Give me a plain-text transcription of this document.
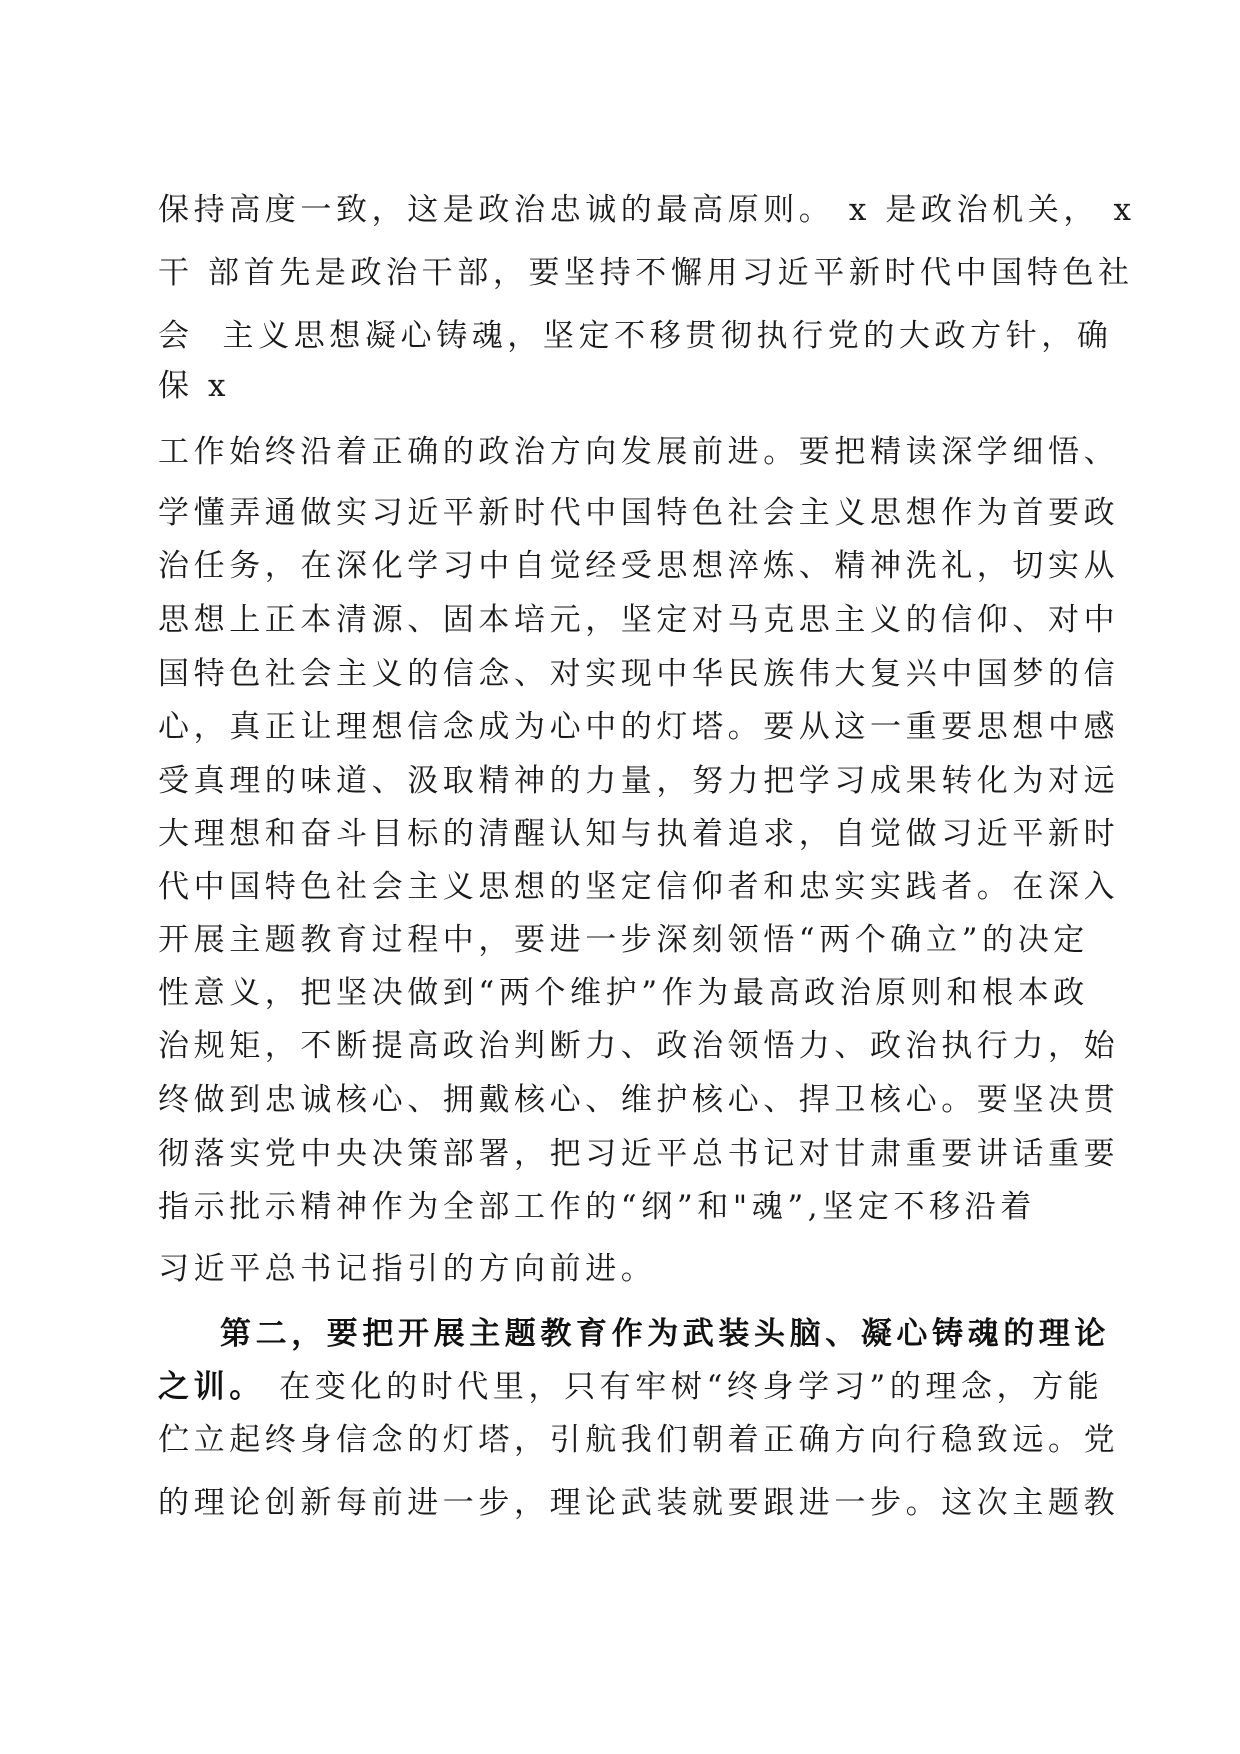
保持高度一致，这是政治忠诚的最高原则。 x 是政治机关， x
干 部首先是政治干部，要坚持不懈用习近平新时代中国特色社
会  主义思想凝心铸魂，坚定不移贯彻执行党的大政方针，确
保 x
工作始终沿着正确的政治方向发展前进。要把精读深学细悟、
学懂弄通做实习近平新时代中国特色社会主义思想作为首要政
治任务，在深化学习中自觉经受思想淬炼、精神洗礼，切实从
思想上正本清源、固本培元，坚定对马克思主义的信仰、对中
国特色社会主义的信念、对实现中华民族伟大复兴中国梦的信
心，真正让理想信念成为心中的灯塔。要从这一重要思想中感
受真理的味道、汲取精神的力量，努力把学习成果转化为对远
大理想和奋斗目标的清醒认知与执着追求，自觉做习近平新时
代中国特色社会主义思想的坚定信仰者和忠实实践者。在深入
开展主题教育过程中，要进一步深刻领悟“两个确立”的决定
性意义，把坚决做到“两个维护”作为最高政治原则和根本政
治规矩，不断提高政治判断力、政治领悟力、政治执行力，始
终做到忠诚核心、拥戴核心、维护核心、捍卫核心。要坚决贯
彻落实党中央决策部署，把习近平总书记对甘肃重要讲话重要
指示批示精神作为全部工作的“纲”和"魂”,坚定不移沿着
习近平总书记指引的方向前进。
第二，要把开展主题教育作为武装头脑、凝心铸魂的理论
之训。 在变化的时代里，只有牢树“终身学习”的理念，方能
伫立起终身信念的灯塔，引航我们朝着正确方向行稳致远。党
的理论创新每前进一步，理论武装就要跟进一步。这次主题教
